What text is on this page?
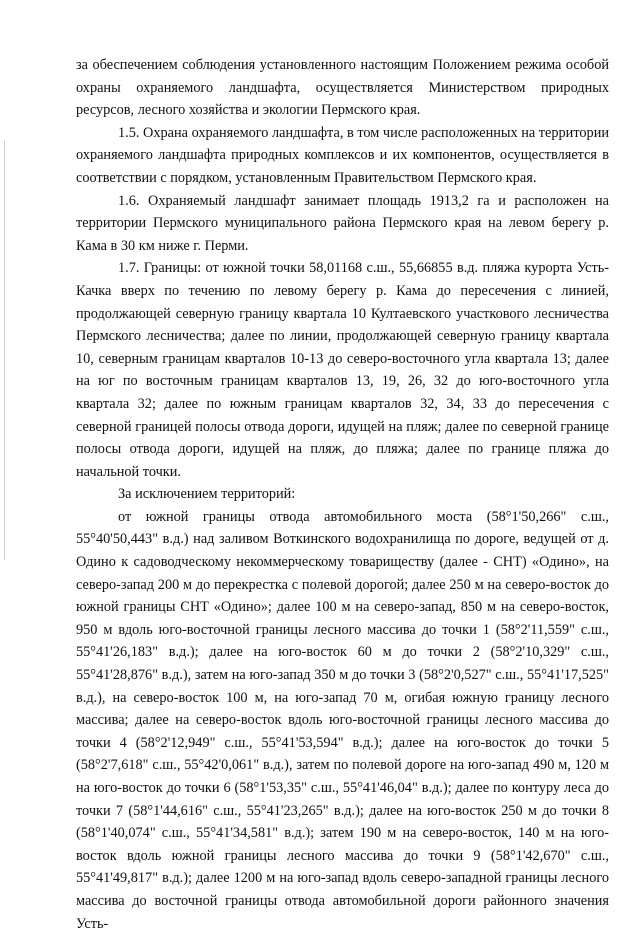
за обеспечением соблюдения установленного настоящим Положением режима особой охраны охраняемого ландшафта, осуществляется Министерством природных ресурсов, лесного хозяйства и экологии Пермского края.

1.5. Охрана охраняемого ландшафта, в том числе расположенных на территории охраняемого ландшафта природных комплексов и их компонентов, осуществляется в соответствии с порядком, установленным Правительством Пермского края.

1.6. Охраняемый ландшафт занимает площадь 1913,2 га и расположен на территории Пермского муниципального района Пермского края на левом берегу р. Кама в 30 км ниже г. Перми.

1.7. Границы: от южной точки 58,01168 с.ш., 55,66855 в.д. пляжа курорта Усть-Качка вверх по течению по левому берегу р. Кама до пересечения с линией, продолжающей северную границу квартала 10 Култаевского участкового лесничества Пермского лесничества; далее по линии, продолжающей северную границу квартала 10, северным границам кварталов 10-13 до северо-восточного угла квартала 13; далее на юг по восточным границам кварталов 13, 19, 26, 32 до юго-восточного угла квартала 32; далее по южным границам кварталов 32, 34, 33 до пересечения с северной границей полосы отвода дороги, идущей на пляж; далее по северной границе полосы отвода дороги, идущей на пляж, до пляжа; далее по границе пляжа до начальной точки.

За исключением территорий:

от южной границы отвода автомобильного моста (58°1'50,266" с.ш., 55°40'50,443" в.д.) над заливом Воткинского водохранилища по дороге, ведущей от д. Одино к садоводческому некоммерческому товариществу (далее - СНТ) «Одино», на северо-запад 200 м до перекрестка с полевой дорогой; далее 250 м на северо-восток до южной границы СНТ «Одино»; далее 100 м на северо-запад, 850 м на северо-восток, 950 м вдоль юго-восточной границы лесного массива до точки 1 (58°2'11,559" с.ш., 55°41'26,183" в.д.); далее на юго-восток 60 м до точки 2 (58°2'10,329" с.ш., 55°41'28,876" в.д.), затем на юго-запад 350 м до точки 3 (58°2'0,527" с.ш., 55°41'17,525" в.д.), на северо-восток 100 м, на юго-запад 70 м, огибая южную границу лесного массива; далее на северо-восток вдоль юго-восточной границы лесного массива до точки 4 (58°2'12,949" с.ш., 55°41'53,594" в.д.); далее на юго-восток до точки 5 (58°2'7,618" с.ш., 55°42'0,061" в.д.), затем по полевой дороге на юго-запад 490 м, 120 м на юго-восток до точки 6 (58°1'53,35" с.ш., 55°41'46,04" в.д.); далее по контуру леса до точки 7 (58°1'44,616" с.ш., 55°41'23,265" в.д.); далее на юго-восток 250 м до точки 8 (58°1'40,074" с.ш., 55°41'34,581" в.д.); затем 190 м на северо-восток, 140 м на юго-восток вдоль южной границы лесного массива до точки 9 (58°1'42,670" с.ш., 55°41'49,817" в.д.); далее 1200 м на юго-запад вдоль северо-западной границы лесного массива до восточной границы отвода автомобильной дороги районного значения Усть-
